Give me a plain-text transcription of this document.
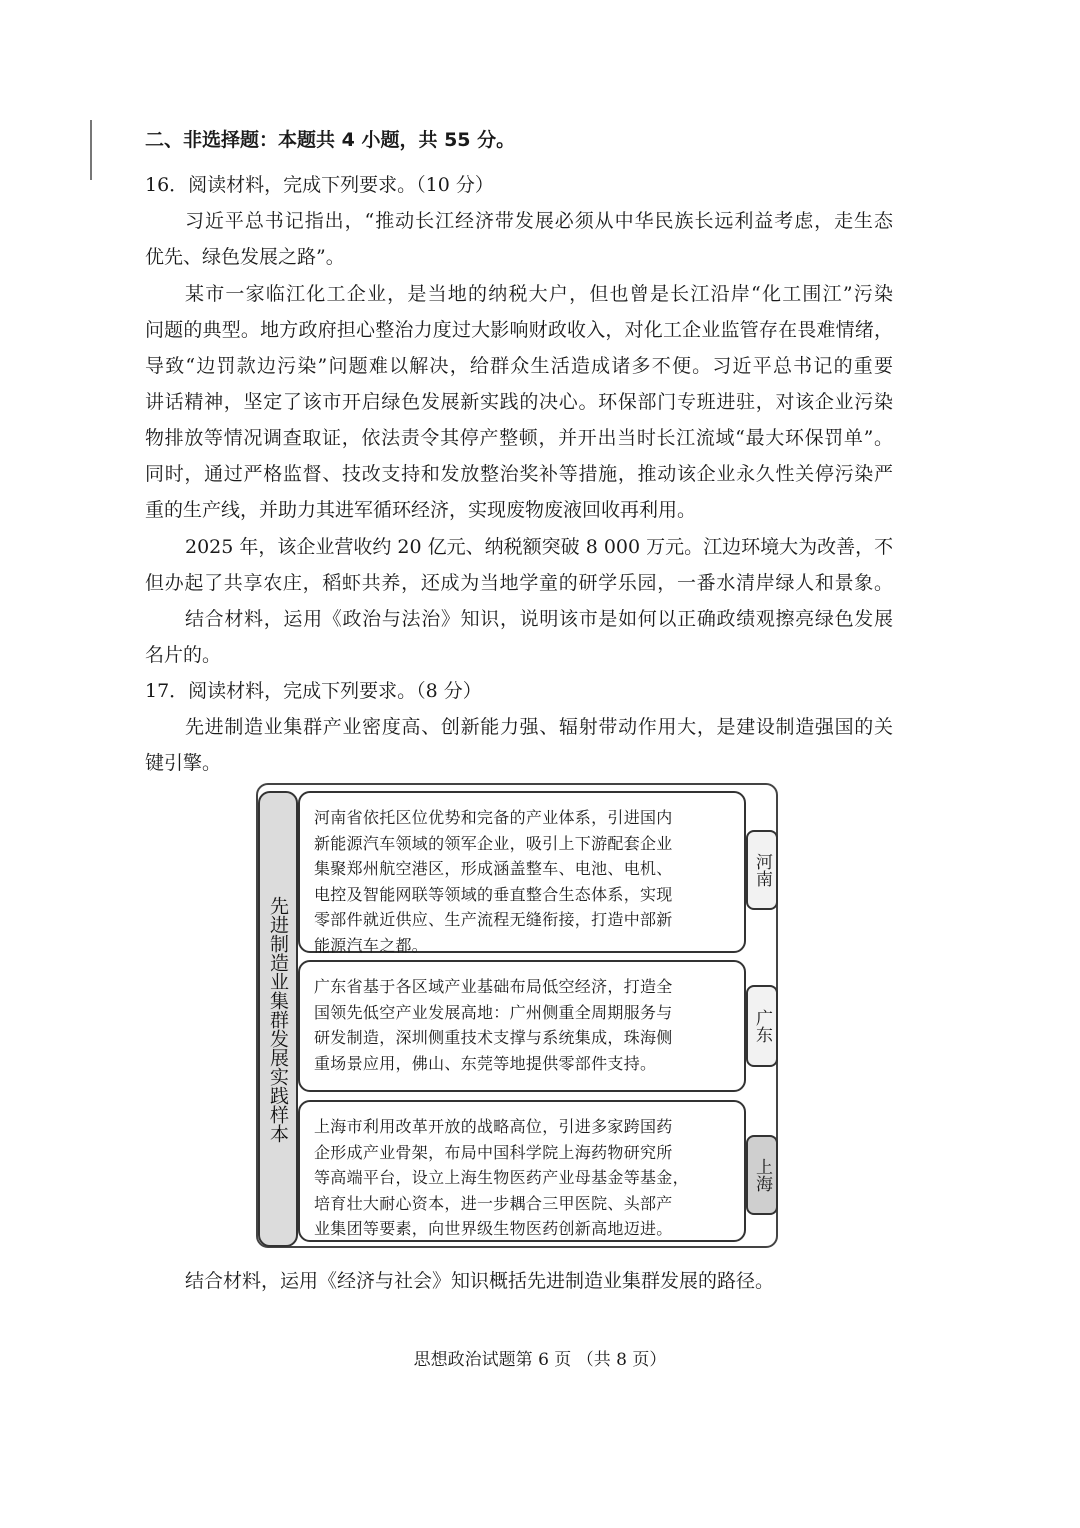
二、非选择题：本题共 4 小题，共 55 分。
16．阅读材料，完成下列要求。（10 分）
习近平总书记指出，“推动长江经济带发展必须从中华民族长远利益考虑，走生态
优先、绿色发展之路”。
某市一家临江化工企业，是当地的纳税大户，但也曾是长江沿岸“化工围江”污染
问题的典型。地方政府担心整治力度过大影响财政收入，对化工企业监管存在畏难情绪，
导致“边罚款边污染”问题难以解决，给群众生活造成诸多不便。习近平总书记的重要
讲话精神，坚定了该市开启绿色发展新实践的决心。环保部门专班进驻，对该企业污染
物排放等情况调查取证，依法责令其停产整顿，并开出当时长江流域“最大环保罚单”。
同时，通过严格监督、技改支持和发放整治奖补等措施，推动该企业永久性关停污染严
重的生产线，并助力其进军循环经济，实现废物废液回收再利用。
2025 年，该企业营收约 20 亿元、纳税额突破 8 000 万元。江边环境大为改善，不
但办起了共享农庄，稻虾共养，还成为当地学童的研学乐园，一番水清岸绿人和景象。
结合材料，运用《政治与法治》知识，说明该市是如何以正确政绩观擦亮绿色发展
名片的。
17．阅读材料，完成下列要求。（8 分）
先进制造业集群产业密度高、创新能力强、辐射带动作用大，是建设制造强国的关
键引擎。
先进制造业集群发展实践样本
河南省依托区位优势和完备的产业体系，引进国内
新能源汽车领域的领军企业，吸引上下游配套企业
集聚郑州航空港区，形成涵盖整车、电池、电机、
电控及智能网联等领域的垂直整合生态体系，实现
零部件就近供应、生产流程无缝衔接，打造中部新
能源汽车之都。
河南
广东省基于各区域产业基础布局低空经济，打造全
国领先低空产业发展高地：广州侧重全周期服务与
研发制造，深圳侧重技术支撑与系统集成，珠海侧
重场景应用，佛山、东莞等地提供零部件支持。
广东
上海市利用改革开放的战略高位，引进多家跨国药
企形成产业骨架，布局中国科学院上海药物研究所
等高端平台，设立上海生物医药产业母基金等基金，
培育壮大耐心资本，进一步耦合三甲医院、头部产
业集团等要素，向世界级生物医药创新高地迈进。
上海
结合材料，运用《经济与社会》知识概括先进制造业集群发展的路径。
思想政治试题第 6 页 （共 8 页）
